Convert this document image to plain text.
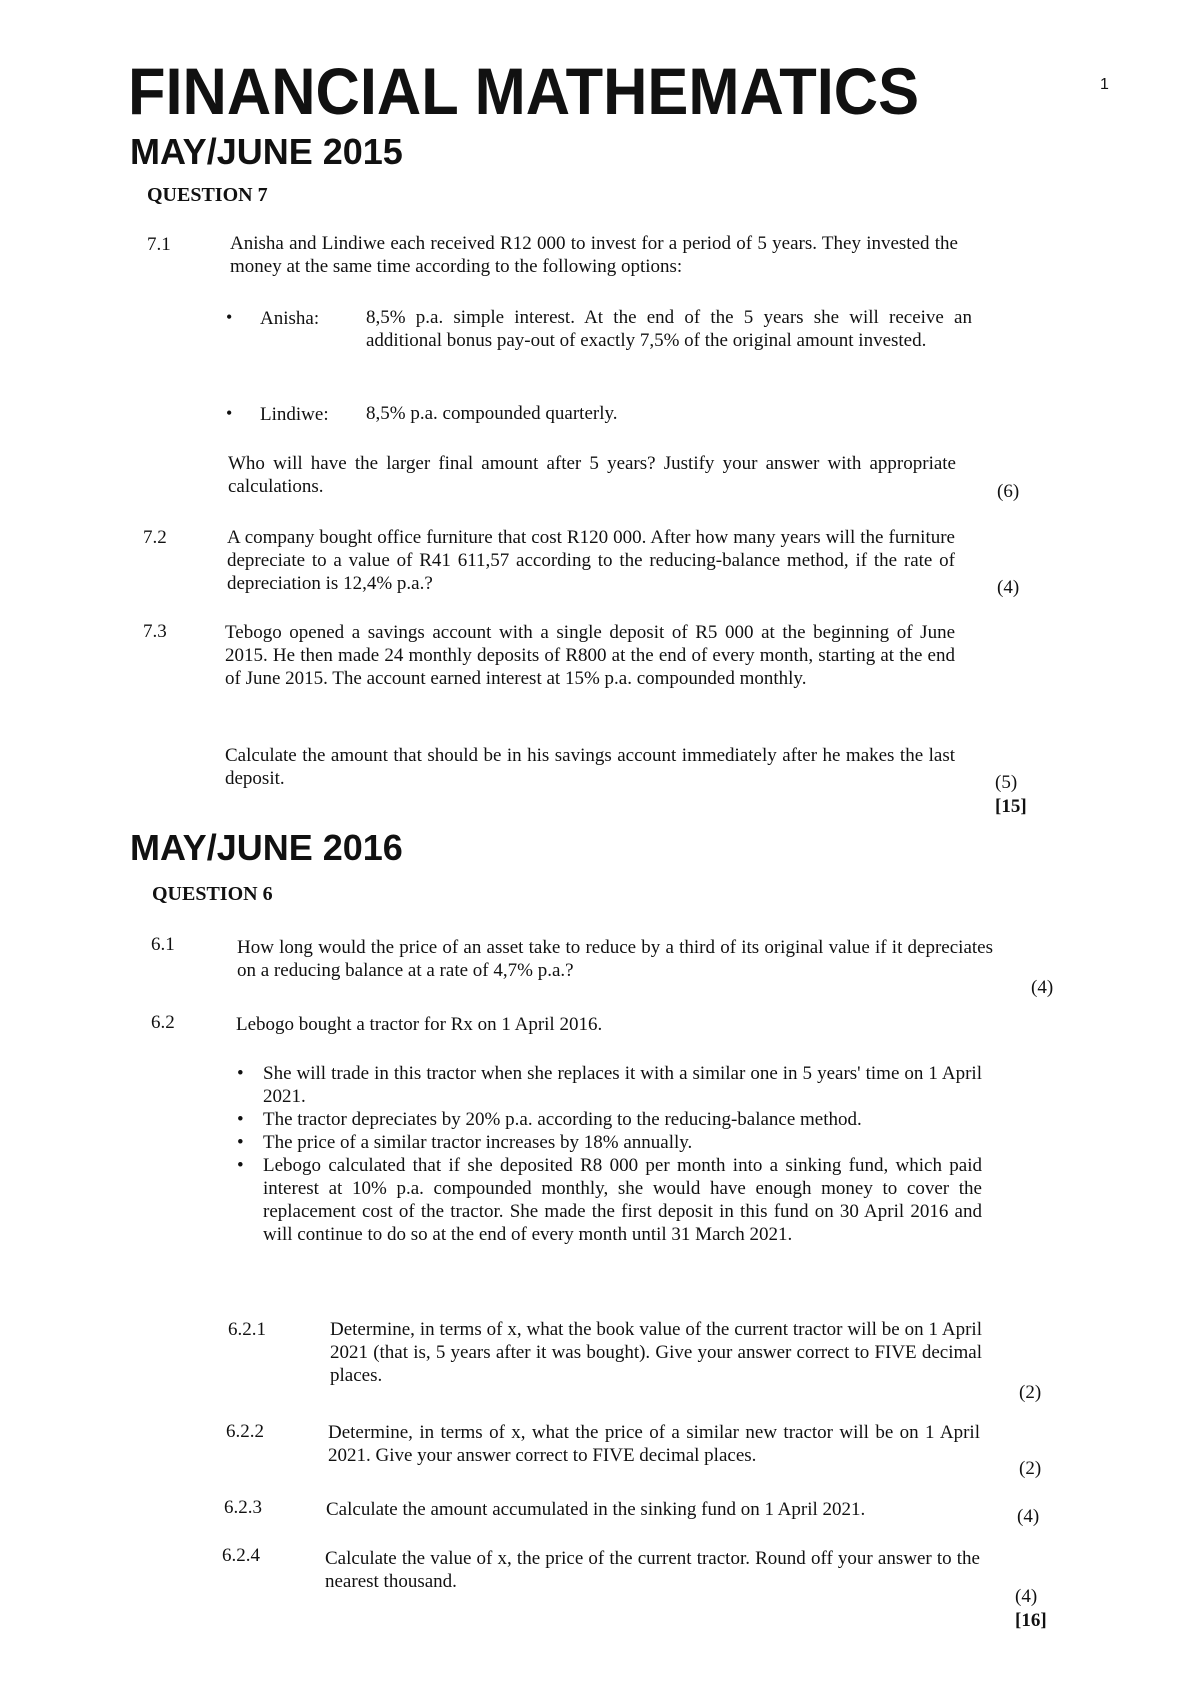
FINANCIAL MATHEMATICS	1
MAY/JUNE 2015
QUESTION 7
7.1	Anisha and Lindiwe each received R12 000 to invest for a period of 5 years. They invested the money at the same time according to the following options:
• Anisha: 8,5% p.a. simple interest. At the end of the 5 years she will receive an additional bonus pay-out of exactly 7,5% of the original amount invested.
• Lindiwe: 8,5% p.a. compounded quarterly.
Who will have the larger final amount after 5 years? Justify your answer with appropriate calculations.	(6)
7.2	A company bought office furniture that cost R120 000. After how many years will the furniture depreciate to a value of R41 611,57 according to the reducing-balance method, if the rate of depreciation is 12,4% p.a.?	(4)
7.3	Tebogo opened a savings account with a single deposit of R5 000 at the beginning of June 2015. He then made 24 monthly deposits of R800 at the end of every month, starting at the end of June 2015. The account earned interest at 15% p.a. compounded monthly.
Calculate the amount that should be in his savings account immediately after he makes the last deposit.	(5)
[15]
MAY/JUNE 2016
QUESTION 6
6.1	How long would the price of an asset take to reduce by a third of its original value if it depreciates on a reducing balance at a rate of 4,7% p.a.?
(4)
6.2	Lebogo bought a tractor for Rx on 1 April 2016.
• She will trade in this tractor when she replaces it with a similar one in 5 years' time on 1 April 2021.
• The tractor depreciates by 20% p.a. according to the reducing-balance method.
• The price of a similar tractor increases by 18% annually.
• Lebogo calculated that if she deposited R8 000 per month into a sinking fund, which paid interest at 10% p.a. compounded monthly, she would have enough money to cover the replacement cost of the tractor. She made the first deposit in this fund on 30 April 2016 and will continue to do so at the end of every month until 31 March 2021.
6.2.1	Determine, in terms of x, what the book value of the current tractor will be on 1 April 2021 (that is, 5 years after it was bought). Give your answer correct to FIVE decimal places.
(2)
6.2.2	Determine, in terms of x, what the price of a similar new tractor will be on 1 April 2021. Give your answer correct to FIVE decimal places.
(2)
6.2.3	Calculate the amount accumulated in the sinking fund on 1 April 2021.	(4)
6.2.4	Calculate the value of x, the price of the current tractor. Round off your answer to the nearest thousand.
(4)
[16]
